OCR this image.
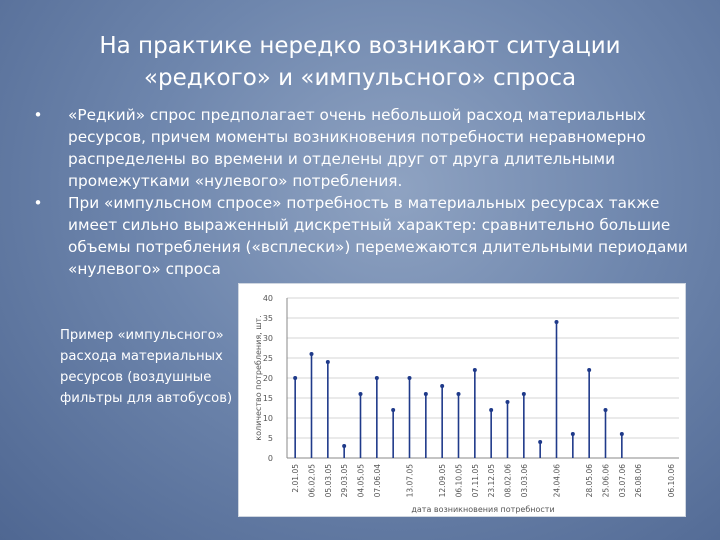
На практике нередко возникают ситуации «редкого» и «импульсного» спроса
•	«Редкий» спрос предполагает очень небольшой расход материальных ресурсов, причем моменты возникновения потребности неравномерно распределены во времени и отделены друг от друга длительными промежутками «нулевого» потребления.
•	При «импульсном спросе» потребность в материальных ресурсах также имеет сильно выраженный дискретный характер: сравнительно большие объемы потребления («всплески») перемежаются длительными периодами «нулевого» спроса
Пример «импульсного» расхода материальных ресурсов (воздушные фильтры для автобусов)
0
5
10
15
20
25
30
35
40
количество потребления, шт.
дата возникновения потребности
2.01.05 06.02.05 05.03.05 29.03.05 04.05.05 07.06.04	13.07.05	12.09.05 06.10.05 07.11.05 23.12.05 08.02.06 03.03.06	24.04.06	28.05.06 25.06.06 03.07.06 26.08.06	06.10.06
